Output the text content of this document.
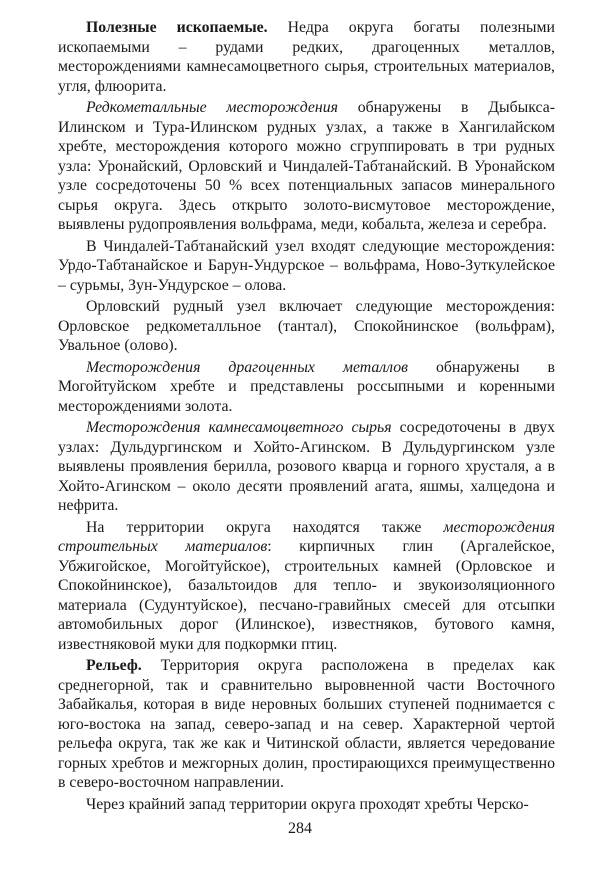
Полезные ископаемые. Недра округа богаты полезными ископаемыми – рудами редких, драгоценных металлов, месторождениями камнесамоцветного сырья, строительных материалов, угля, флюорита.

Редкометалльные месторождения обнаружены в Дыбыкса-Илинском и Тура-Илинском рудных узлах, а также в Хангилайском хребте, месторождения которого можно сгруппировать в три рудных узла: Уронайский, Орловский и Чиндалей-Табтанайский. В Уронайском узле сосредоточены 50 % всех потенциальных запасов минерального сырья округа. Здесь открыто золото-висмутовое месторождение, выявлены рудопроявления вольфрама, меди, кобальта, железа и серебра.

В Чиндалей-Табтанайский узел входят следующие месторождения: Урдо-Табтанайское и Барун-Ундурское – вольфрама, Ново-Зуткулейское – сурьмы, Зун-Ундурское – олова.

Орловский рудный узел включает следующие месторождения: Орловское редкометалльное (тантал), Спокойнинское (вольфрам), Увальное (олово).

Месторождения драгоценных металлов обнаружены в Могойтуйском хребте и представлены россыпными и коренными месторождениями золота.

Месторождения камнесамоцветного сырья сосредоточены в двух узлах: Дульдургинском и Хойто-Агинском. В Дульдургинском узле выявлены проявления берилла, розового кварца и горного хрусталя, а в Хойто-Агинском – около десяти проявлений агата, яшмы, халцедона и нефрита.

На территории округа находятся также месторождения строительных материалов: кирпичных глин (Аргалейское, Убжигойское, Могойтуйское), строительных камней (Орловское и Спокойнинское), базальтоидов для тепло- и звукоизоляционного материала (Судунтуйское), песчано-гравийных смесей для отсыпки автомобильных дорог (Илинское), известняков, бутового камня, известняковой муки для подкормки птиц.

Рельеф. Территория округа расположена в пределах как среднегорной, так и сравнительно выровненной части Восточного Забайкалья, которая в виде неровных больших ступеней поднимается с юго-востока на запад, северо-запад и на север. Характерной чертой рельефа округа, так же как и Читинской области, является чередование горных хребтов и межгорных долин, простирающихся преимущественно в северо-восточном направлении.

Через крайний запад территории округа проходят хребты Черско-

284
